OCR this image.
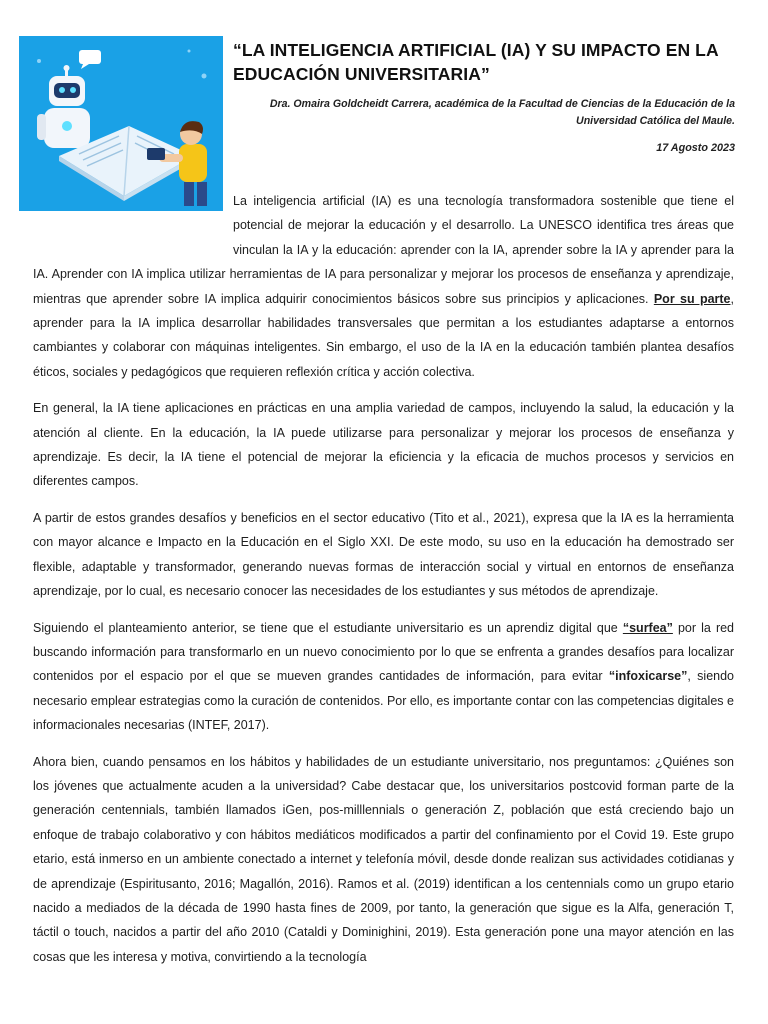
“LA INTELIGENCIA ARTIFICIAL (IA) Y SU IMPACTO EN LA EDUCACIÓN UNIVERSITARIA”

Dra. Omaira Goldcheidt Carrera, académica de la Facultad de Ciencias de la Educación de la Universidad Católica del Maule.

17 Agosto 2023

La inteligencia artificial (IA) es una tecnología transformadora sostenible que tiene el potencial de mejorar la educación y el desarrollo. La UNESCO identifica tres áreas que vinculan la IA y la educación: aprender con la IA, aprender sobre la IA y aprender para la IA. Aprender con IA implica utilizar herramientas de IA para personalizar y mejorar los procesos de enseñanza y aprendizaje, mientras que aprender sobre IA implica adquirir conocimientos básicos sobre sus principios y aplicaciones. Por su parte, aprender para la IA implica desarrollar habilidades transversales que permitan a los estudiantes adaptarse a entornos cambiantes y colaborar con máquinas inteligentes. Sin embargo, el uso de la IA en la educación también plantea desafíos éticos, sociales y pedagógicos que requieren reflexión crítica y acción colectiva.

En general, la IA tiene aplicaciones en prácticas en una amplia variedad de campos, incluyendo la salud, la educación y la atención al cliente. En la educación, la IA puede utilizarse para personalizar y mejorar los procesos de enseñanza y aprendizaje. Es decir, la IA tiene el potencial de mejorar la eficiencia y la eficacia de muchos procesos y servicios en diferentes campos.

A partir de estos grandes desafíos y beneficios en el sector educativo (Tito et al., 2021), expresa que la IA es la herramienta con mayor alcance e Impacto en la Educación en el Siglo XXI. De este modo, su uso en la educación ha demostrado ser flexible, adaptable y transformador, generando nuevas formas de interacción social y virtual en entornos de enseñanza aprendizaje, por lo cual, es necesario conocer las necesidades de los estudiantes y sus métodos de aprendizaje.

Siguiendo el planteamiento anterior, se tiene que el estudiante universitario es un aprendiz digital que “surfea” por la red buscando información para transformarlo en un nuevo conocimiento por lo que se enfrenta a grandes desafíos para localizar contenidos por el espacio por el que se mueven grandes cantidades de información, para evitar “infoxicarse”, siendo necesario emplear estrategias como la curación de contenidos. Por ello, es importante contar con las competencias digitales e informacionales necesarias (INTEF, 2017).

Ahora bien, cuando pensamos en los hábitos y habilidades de un estudiante universitario, nos preguntamos: ¿Quiénes son los jóvenes que actualmente acuden a la universidad? Cabe destacar que, los universitarios postcovid forman parte de la generación centennials, también llamados iGen, pos-milllennials o generación Z, población que está creciendo bajo un enfoque de trabajo colaborativo y con hábitos mediáticos modificados a partir del confinamiento por el Covid 19. Este grupo etario, está inmerso en un ambiente conectado a internet y telefonía móvil, desde donde realizan sus actividades cotidianas y de aprendizaje (Espiritusanto, 2016; Magallón, 2016). Ramos et al. (2019) identifican a los centennials como un grupo etario nacido a mediados de la década de 1990 hasta fines de 2009, por tanto, la generación que sigue es la Alfa, generación T, táctil o touch, nacidos a partir del año 2010 (Cataldi y Dominighini, 2019). Esta generación pone una mayor atención en las cosas que les interesa y motiva, convirtiendo a la tecnología
